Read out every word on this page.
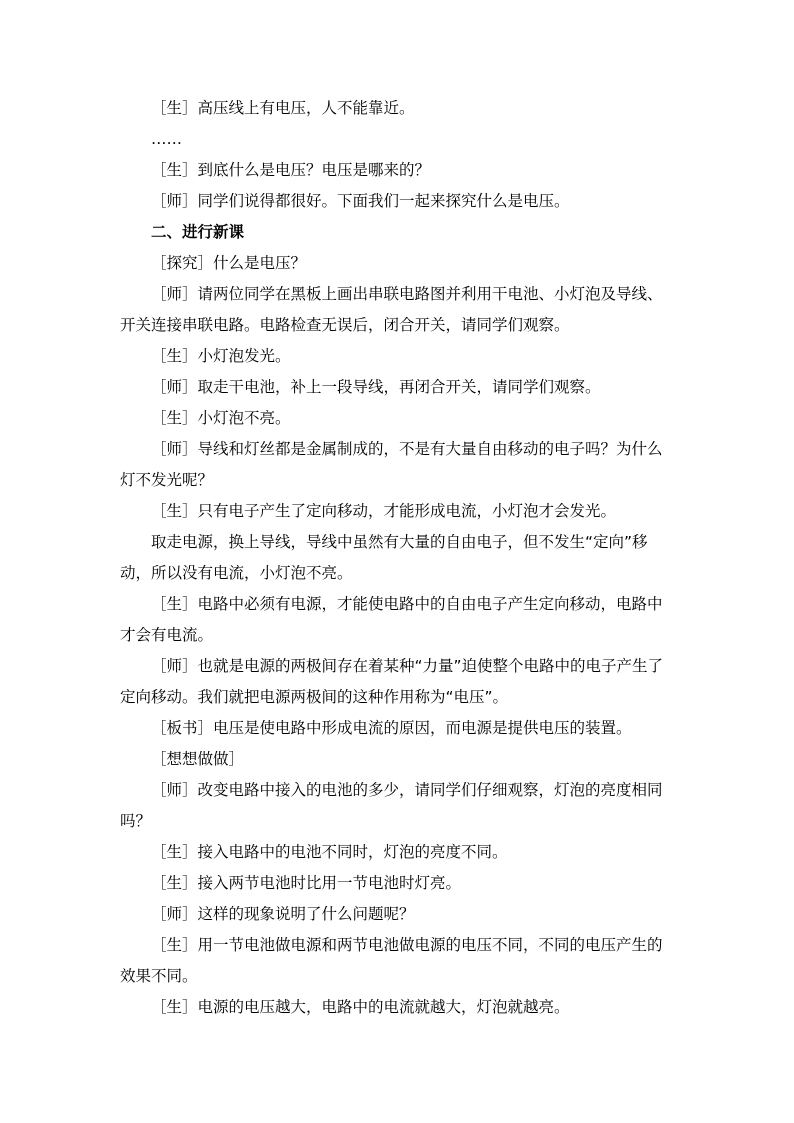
［生］高压线上有电压，人不能靠近。

……

［生］到底什么是电压？电压是哪来的？

［师］同学们说得都很好。下面我们一起来探究什么是电压。

二、进行新课

［探究］什么是电压？

［师］请两位同学在黑板上画出串联电路图并利用干电池、小灯泡及导线、开关连接串联电路。电路检查无误后，闭合开关，请同学们观察。

［生］小灯泡发光。

［师］取走干电池，补上一段导线，再闭合开关，请同学们观察。

［生］小灯泡不亮。

［师］导线和灯丝都是金属制成的，不是有大量自由移动的电子吗？为什么灯不发光呢？

［生］只有电子产生了定向移动，才能形成电流，小灯泡才会发光。

取走电源，换上导线，导线中虽然有大量的自由电子，但不发生“定向”移动，所以没有电流，小灯泡不亮。

［生］电路中必须有电源，才能使电路中的自由电子产生定向移动，电路中才会有电流。

［师］也就是电源的两极间存在着某种“力量”迫使整个电路中的电子产生了定向移动。我们就把电源两极间的这种作用称为“电压”。

［板书］电压是使电路中形成电流的原因，而电源是提供电压的装置。

［想想做做］

［师］改变电路中接入的电池的多少，请同学们仔细观察，灯泡的亮度相同吗？

［生］接入电路中的电池不同时，灯泡的亮度不同。

［生］接入两节电池时比用一节电池时灯亮。

［师］这样的现象说明了什么问题呢？

［生］用一节电池做电源和两节电池做电源的电压不同，不同的电压产生的效果不同。

［生］电源的电压越大，电路中的电流就越大，灯泡就越亮。
